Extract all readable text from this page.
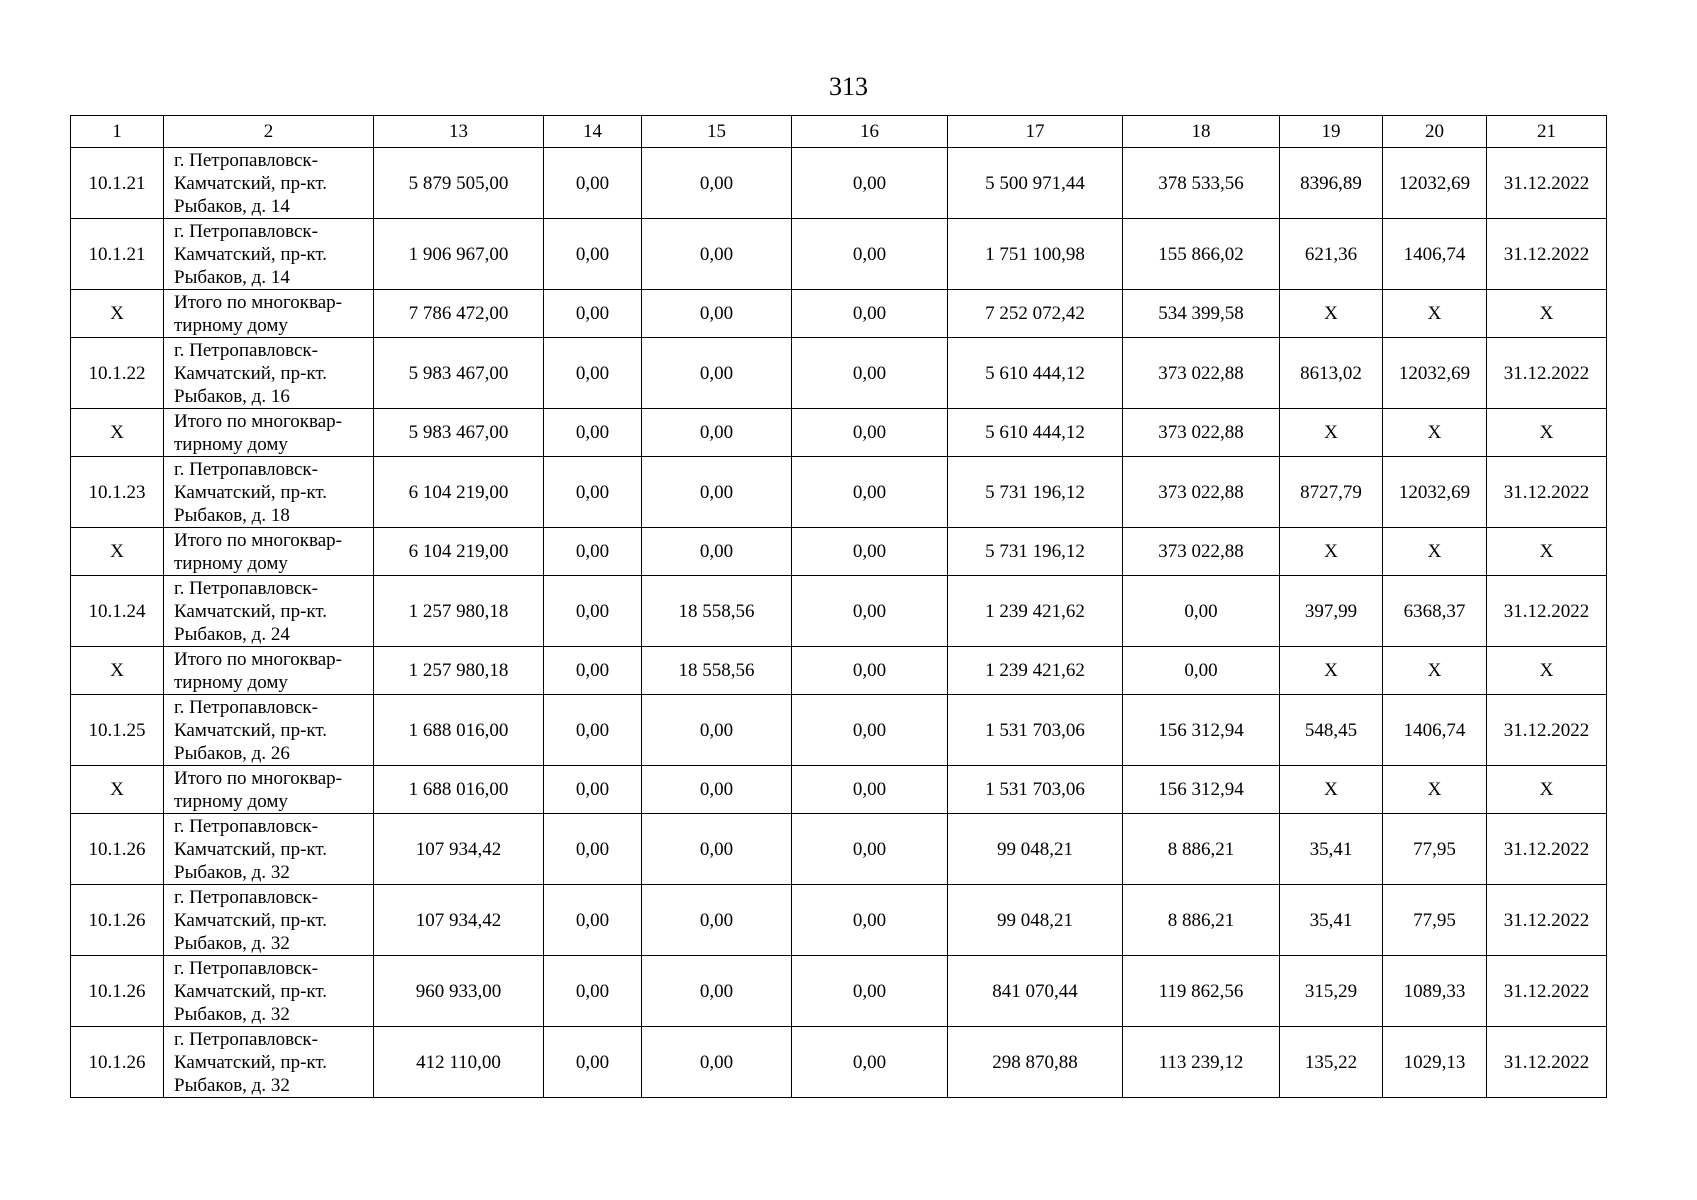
313
1	2	13	14	15	16	17	18	19	20	21
10.1.21	г. Петропавловск-
Камчатский, пр-кт.
Рыбаков, д. 14	5 879 505,00	0,00	0,00	0,00	5 500 971,44	378 533,56	8396,89	12032,69	31.12.2022
10.1.21	г. Петропавловск-
Камчатский, пр-кт.
Рыбаков, д. 14	1 906 967,00	0,00	0,00	0,00	1 751 100,98	155 866,02	621,36	1406,74	31.12.2022
X	Итого по многоквар-
тирному дому	7 786 472,00	0,00	0,00	0,00	7 252 072,42	534 399,58	X	X	X
10.1.22	г. Петропавловск-
Камчатский, пр-кт.
Рыбаков, д. 16	5 983 467,00	0,00	0,00	0,00	5 610 444,12	373 022,88	8613,02	12032,69	31.12.2022
X	Итого по многоквар-
тирному дому	5 983 467,00	0,00	0,00	0,00	5 610 444,12	373 022,88	X	X	X
10.1.23	г. Петропавловск-
Камчатский, пр-кт.
Рыбаков, д. 18	6 104 219,00	0,00	0,00	0,00	5 731 196,12	373 022,88	8727,79	12032,69	31.12.2022
X	Итого по многоквар-
тирному дому	6 104 219,00	0,00	0,00	0,00	5 731 196,12	373 022,88	X	X	X
10.1.24	г. Петропавловск-
Камчатский, пр-кт.
Рыбаков, д. 24	1 257 980,18	0,00	18 558,56	0,00	1 239 421,62	0,00	397,99	6368,37	31.12.2022
X	Итого по многоквар-
тирному дому	1 257 980,18	0,00	18 558,56	0,00	1 239 421,62	0,00	X	X	X
10.1.25	г. Петропавловск-
Камчатский, пр-кт.
Рыбаков, д. 26	1 688 016,00	0,00	0,00	0,00	1 531 703,06	156 312,94	548,45	1406,74	31.12.2022
X	Итого по многоквар-
тирному дому	1 688 016,00	0,00	0,00	0,00	1 531 703,06	156 312,94	X	X	X
10.1.26	г. Петропавловск-
Камчатский, пр-кт.
Рыбаков, д. 32	107 934,42	0,00	0,00	0,00	99 048,21	8 886,21	35,41	77,95	31.12.2022
10.1.26	г. Петропавловск-
Камчатский, пр-кт.
Рыбаков, д. 32	107 934,42	0,00	0,00	0,00	99 048,21	8 886,21	35,41	77,95	31.12.2022
10.1.26	г. Петропавловск-
Камчатский, пр-кт.
Рыбаков, д. 32	960 933,00	0,00	0,00	0,00	841 070,44	119 862,56	315,29	1089,33	31.12.2022
10.1.26	г. Петропавловск-
Камчатский, пр-кт.
Рыбаков, д. 32	412 110,00	0,00	0,00	0,00	298 870,88	113 239,12	135,22	1029,13	31.12.2022
